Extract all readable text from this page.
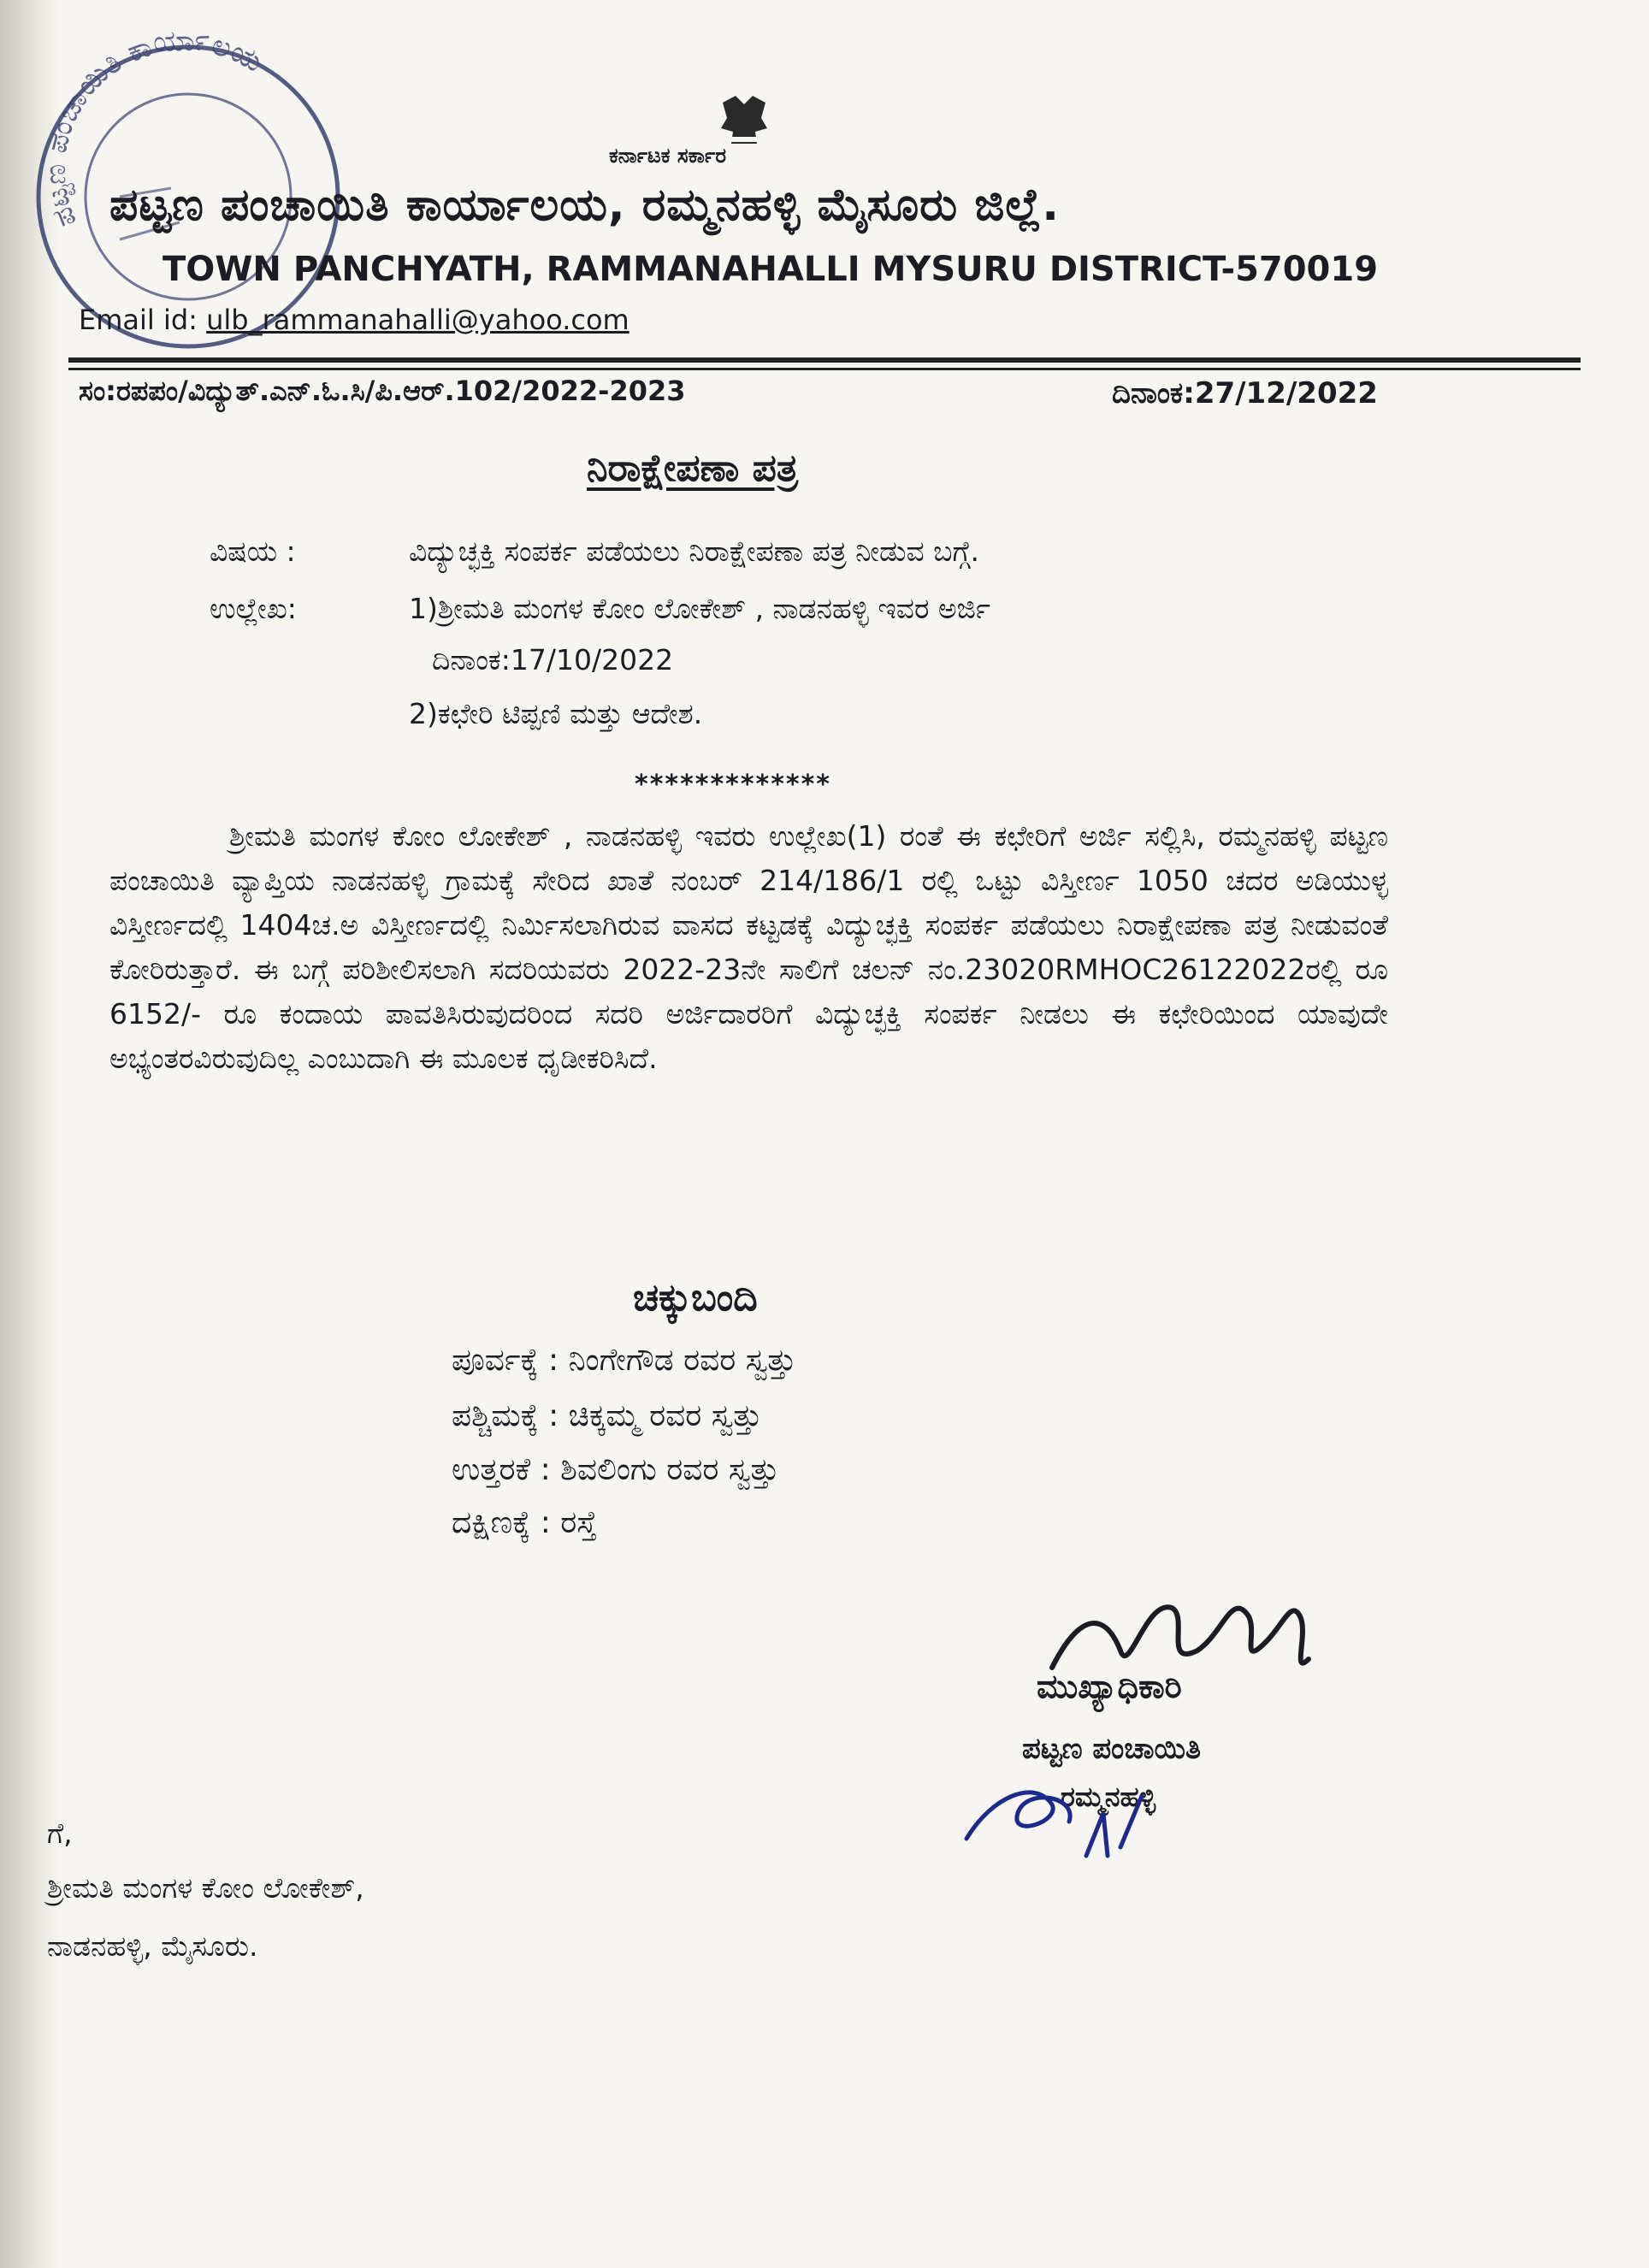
ಪಟ್ಟಣ ಪಂಚಾಯಿತಿ ಕಾರ್ಯಾಲಯ
ಕರ್ನಾಟಕ ಸರ್ಕಾರ
ಪಟ್ಟಣ ಪಂಚಾಯಿತಿ ಕಾರ್ಯಾಲಯ, ರಮ್ಮನಹಳ್ಳಿ ಮೈಸೂರು ಜಿಲ್ಲೆ.
TOWN PANCHYATH, RAMMANAHALLI MYSURU DISTRICT-570019
Email id: ulb_rammanahalli@yahoo.com
ಸಂ:ರಪಪಂ/ವಿದ್ಯುತ್.ಎನ್.ಓ.ಸಿ/ಪಿ.ಆರ್.102/2022-2023	ದಿನಾಂಕ:27/12/2022
ನಿರಾಕ್ಷೇಪಣಾ ಪತ್ರ
ವಿಷಯ :	ವಿದ್ಯುಚ್ಛಕ್ತಿ ಸಂಪರ್ಕ ಪಡೆಯಲು ನಿರಾಕ್ಷೇಪಣಾ ಪತ್ರ ನೀಡುವ ಬಗ್ಗೆ.
ಉಲ್ಲೇಖ:	1)ಶ್ರೀಮತಿ ಮಂಗಳ ಕೋಂ ಲೋಕೇಶ್ , ನಾಡನಹಳ್ಳಿ ಇವರ ಅರ್ಜಿ
ದಿನಾಂಕ:17/10/2022
2)ಕಛೇರಿ ಟಿಪ್ಪಣಿ ಮತ್ತು ಆದೇಶ.
*************
ಶ್ರೀಮತಿ ಮಂಗಳ ಕೋಂ ಲೋಕೇಶ್ , ನಾಡನಹಳ್ಳಿ ಇವರು ಉಲ್ಲೇಖ(1) ರಂತೆ ಈ ಕಛೇರಿಗೆ ಅರ್ಜಿ ಸಲ್ಲಿಸಿ, ರಮ್ಮನಹಳ್ಳಿ ಪಟ್ಟಣ ಪಂಚಾಯಿತಿ ವ್ಯಾಪ್ತಿಯ ನಾಡನಹಳ್ಳಿ ಗ್ರಾಮಕ್ಕೆ ಸೇರಿದ ಖಾತೆ ನಂಬರ್ 214/186/1 ರಲ್ಲಿ ಒಟ್ಟು ವಿಸ್ತೀರ್ಣ 1050 ಚದರ ಅಡಿಯುಳ್ಳ ವಿಸ್ತೀರ್ಣದಲ್ಲಿ 1404ಚ.ಅ ವಿಸ್ತೀರ್ಣದಲ್ಲಿ ನಿರ್ಮಿಸಲಾಗಿರುವ ವಾಸದ ಕಟ್ಟಡಕ್ಕೆ ವಿದ್ಯುಚ್ಛಕ್ತಿ ಸಂಪರ್ಕ ಪಡೆಯಲು ನಿರಾಕ್ಷೇಪಣಾ ಪತ್ರ ನೀಡುವಂತೆ ಕೋರಿರುತ್ತಾರೆ. ಈ ಬಗ್ಗೆ ಪರಿಶೀಲಿಸಲಾಗಿ ಸದರಿಯವರು 2022-23ನೇ ಸಾಲಿಗೆ ಚಲನ್ ನಂ.23020RMHOC26122022ರಲ್ಲಿ ರೂ 6152/- ರೂ ಕಂದಾಯ ಪಾವತಿಸಿರುವುದರಿಂದ ಸದರಿ ಅರ್ಜಿದಾರರಿಗೆ ವಿದ್ಯುಚ್ಛಕ್ತಿ ಸಂಪರ್ಕ ನೀಡಲು ಈ ಕಛೇರಿಯಿಂದ ಯಾವುದೇ ಅಭ್ಯಂತರವಿರುವುದಿಲ್ಲ ಎಂಬುದಾಗಿ ಈ ಮೂಲಕ ಧೃಡೀಕರಿಸಿದೆ.
ಚಕ್ಕುಬಂದಿ
ಪೂರ್ವಕ್ಕೆ : ನಿಂಗೇಗೌಡ ರವರ ಸ್ವತ್ತು
ಪಶ್ಚಿಮಕ್ಕೆ : ಚಿಕ್ಕಮ್ಮ ರವರ ಸ್ವತ್ತು
ಉತ್ತರಕೆ : ಶಿವಲಿಂಗು ರವರ ಸ್ವತ್ತು
ದಕ್ಷಿಣಕ್ಕೆ : ರಸ್ತೆ
ಮುಖ್ಯಾಧಿಕಾರಿ
ಪಟ್ಟಣ ಪಂಚಾಯಿತಿ
ರಮ್ಮನಹಳ್ಳಿ
ಗೆ,
ಶ್ರೀಮತಿ ಮಂಗಳ ಕೋಂ ಲೋಕೇಶ್,
ನಾಡನಹಳ್ಳಿ, ಮೈಸೂರು.
